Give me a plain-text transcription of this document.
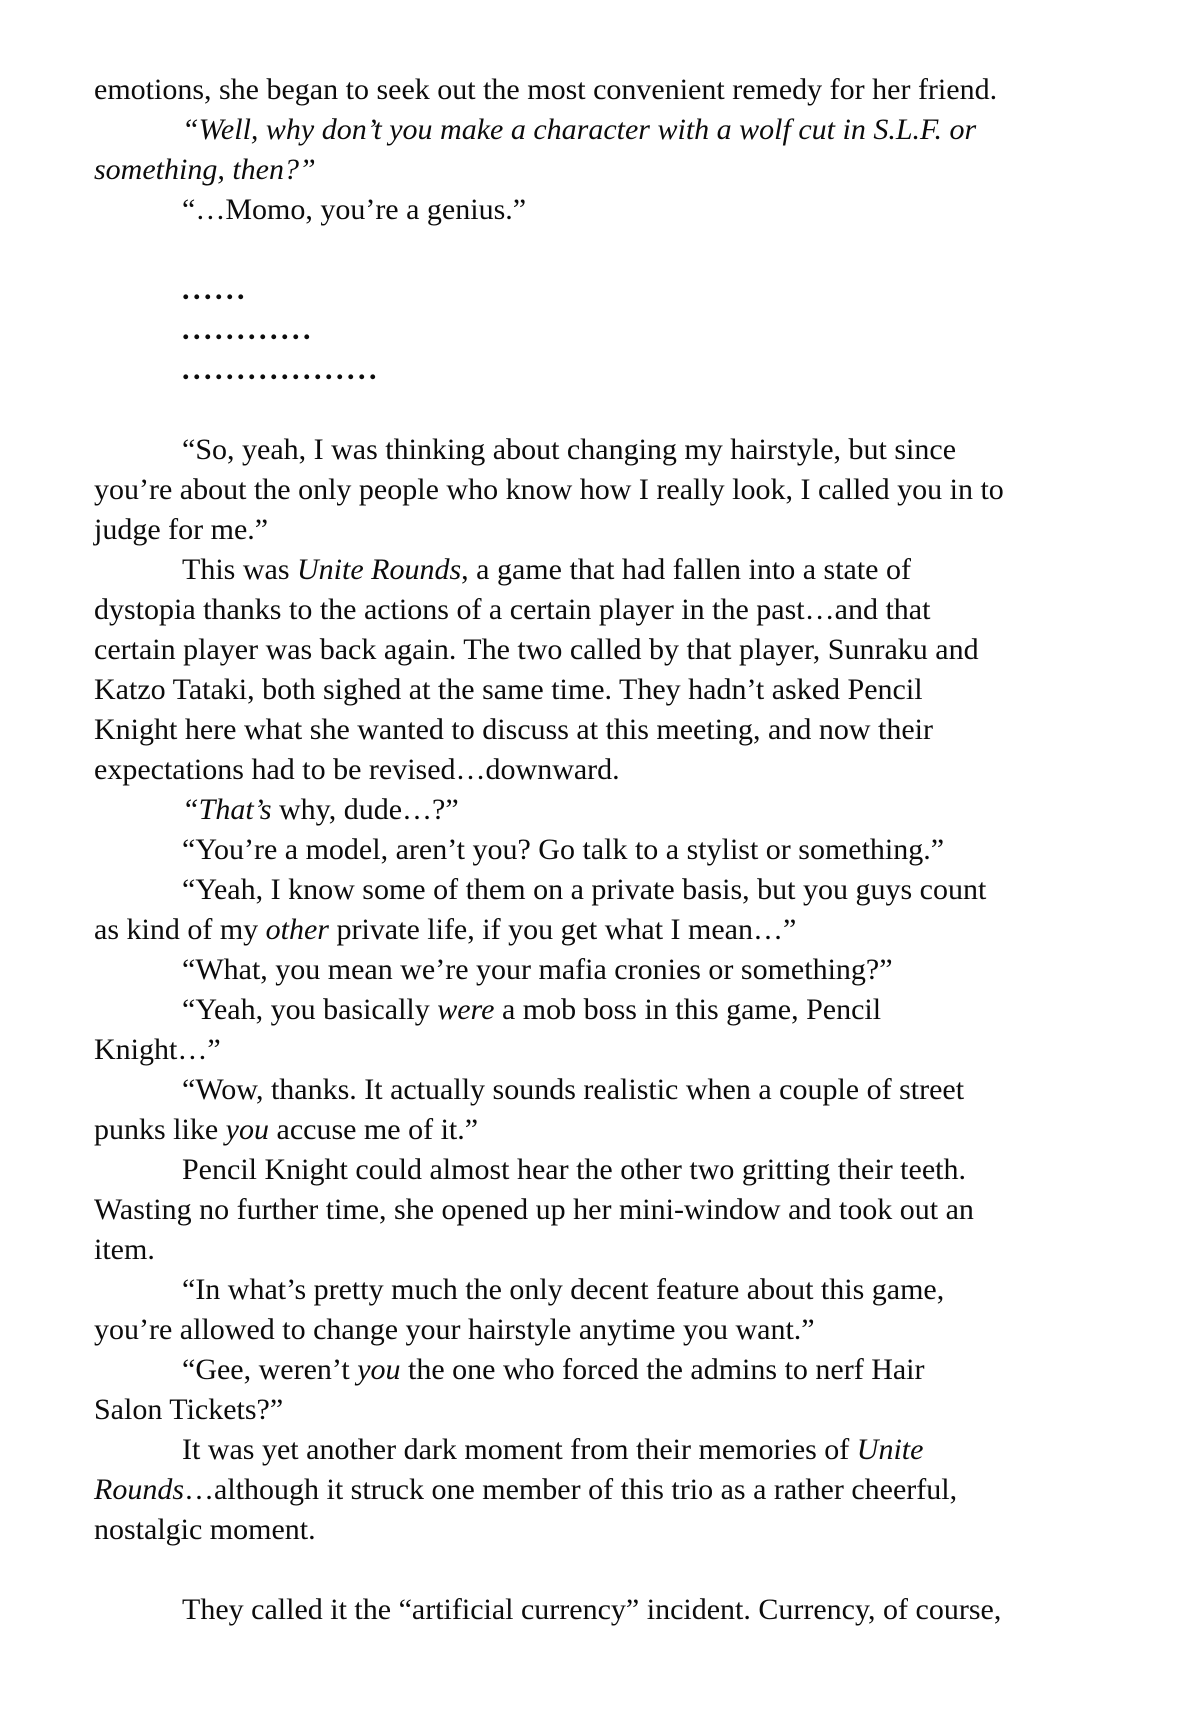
emotions, she began to seek out the most convenient remedy for her friend.

“Well, why don’t you make a character with a wolf cut in S.L.F. or
something, then?”

“…Momo, you’re a genius.”

......

............

..................

“So, yeah, I was thinking about changing my hairstyle, but since
you’re about the only people who know how I really look, I called you in to
judge for me.”

This was Unite Rounds, a game that had fallen into a state of
dystopia thanks to the actions of a certain player in the past…and that
certain player was back again. The two called by that player, Sunraku and
Katzo Tataki, both sighed at the same time. They hadn’t asked Pencil
Knight here what she wanted to discuss at this meeting, and now their
expectations had to be revised…downward.

“That’s why, dude…?”

“You’re a model, aren’t you? Go talk to a stylist or something.”

“Yeah, I know some of them on a private basis, but you guys count
as kind of my other private life, if you get what I mean…”

“What, you mean we’re your mafia cronies or something?”

“Yeah, you basically were a mob boss in this game, Pencil
Knight…”

“Wow, thanks. It actually sounds realistic when a couple of street
punks like you accuse me of it.”

Pencil Knight could almost hear the other two gritting their teeth.
Wasting no further time, she opened up her mini-window and took out an
item.

“In what’s pretty much the only decent feature about this game,
you’re allowed to change your hairstyle anytime you want.”

“Gee, weren’t you the one who forced the admins to nerf Hair
Salon Tickets?”

It was yet another dark moment from their memories of Unite
Rounds…although it struck one member of this trio as a rather cheerful,
nostalgic moment.

They called it the “artificial currency” incident. Currency, of course,
